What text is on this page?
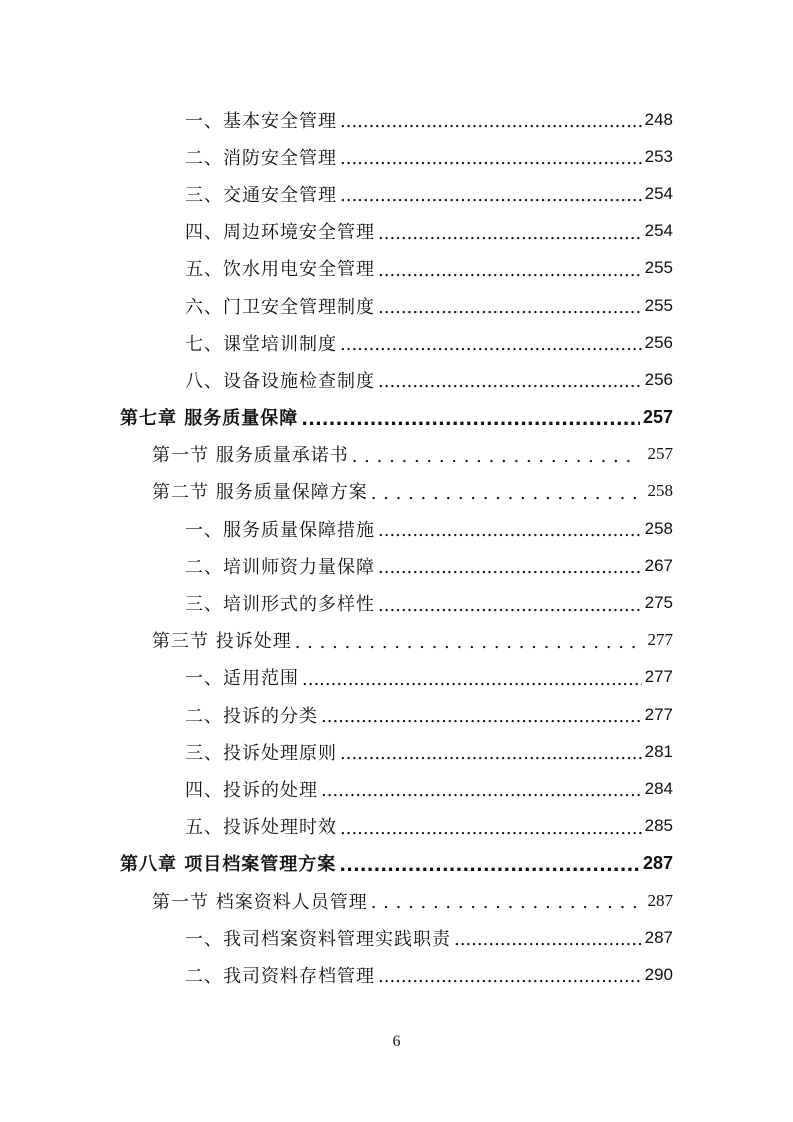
一、基本安全管理 .....	248
二、消防安全管理 .....	253
三、交通安全管理 .....	254
四、周边环境安全管理 .....	254
五、饮水用电安全管理 .....	255
六、门卫安全管理制度 .....	255
七、课堂培训制度 .....	256
八、设备设施检查制度 .....	256
第七章 服务质量保障 .....	257
第一节 服务质量承诺书 . . .	257
第二节 服务质量保障方案 . . .	258
一、服务质量保障措施 .....	258
二、培训师资力量保障 .....	267
三、培训形式的多样性 .....	275
第三节 投诉处理 . . .	277
一、适用范围 .....	277
二、投诉的分类 .....	277
三、投诉处理原则 .....	281
四、投诉的处理 .....	284
五、投诉处理时效 .....	285
第八章 项目档案管理方案 .....	287
第一节 档案资料人员管理 . . .	287
一、我司档案资料管理实践职责 .....	287
二、我司资料存档管理 .....	290
6
